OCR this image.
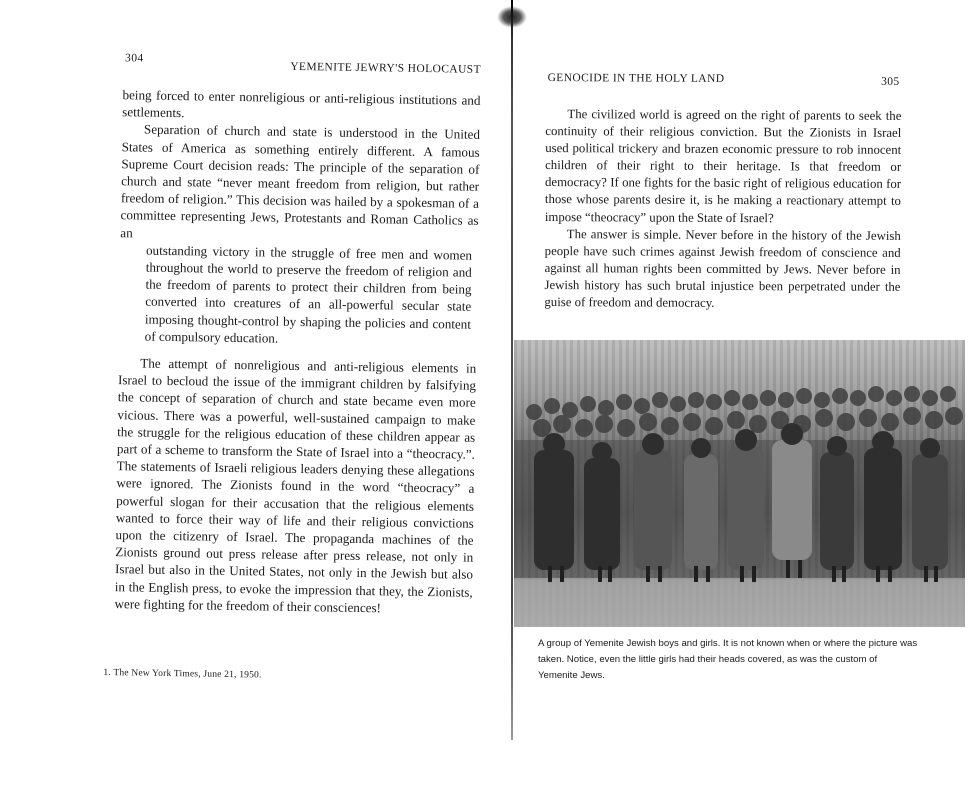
304
YEMENITE JEWRY'S HOLOCAUST

being forced to enter nonreligious or anti-religious institutions and settlements.

Separation of church and state is understood in the United States of America as something entirely different. A famous Supreme Court decision reads: The principle of the separation of church and state “never meant freedom from religion, but rather freedom of religion.” This decision was hailed by a spokesman of a committee representing Jews, Protestants and Roman Catholics as an

outstanding victory in the struggle of free men and women throughout the world to preserve the freedom of religion and the freedom of parents to protect their children from being converted into creatures of an all-powerful secular state imposing thought-control by shaping the policies and content of compulsory education.

The attempt of nonreligious and anti-religious elements in Israel to becloud the issue of the immigrant children by falsifying the concept of separation of church and state became even more vicious. There was a powerful, well-sustained campaign to make the struggle for the religious education of these children appear as part of a scheme to transform the State of Israel into a “theocracy.”. The statements of Israeli religious leaders denying these allegations were ignored. The Zionists found in the word “theocracy” a powerful slogan for their accusation that the religious elements wanted to force their way of life and their religious convictions upon the citizenry of Israel. The propaganda machines of the Zionists ground out press release after press release, not only in Israel but also in the United States, not only in the Jewish but also in the English press, to evoke the impression that they, the Zionists, were fighting for the freedom of their consciences!

1. The New York Times, June 21, 1950.
GENOCIDE IN THE HOLY LAND	305

The civilized world is agreed on the right of parents to seek the continuity of their religious conviction. But the Zionists in Israel used political trickery and brazen economic pressure to rob innocent children of their right to their heritage. Is that freedom or democracy? If one fights for the basic right of religious education for those whose parents desire it, is he making a reactionary attempt to impose “theocracy” upon the State of Israel?

The answer is simple. Never before in the history of the Jewish people have such crimes against Jewish freedom of conscience and against all human rights been committed by Jews. Never before in Jewish history has such brutal injustice been perpetrated under the guise of freedom and democracy.

A group of Yemenite Jewish boys and girls. It is not known when or where the picture was taken. Notice, even the little girls had their heads covered, as was the custom of Yemenite Jews.
